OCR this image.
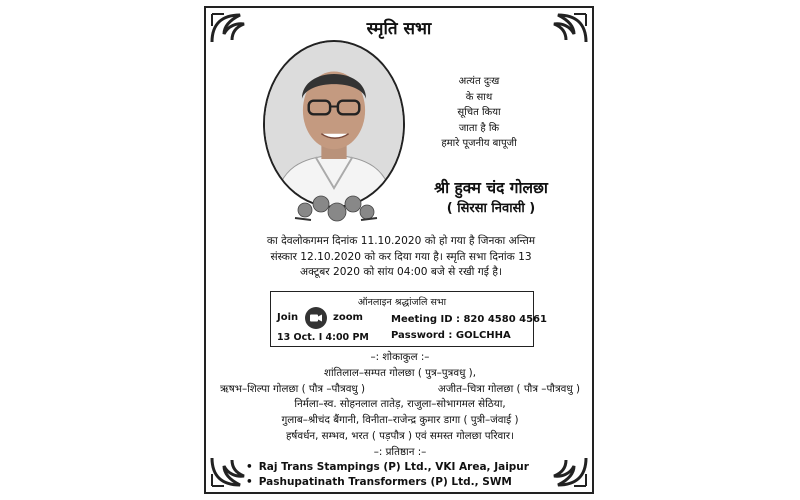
स्मृति सभा
अत्यंत दुःख
के साथ
सूचित किया
जाता है कि
हमारे पूजनीय बापूजी
श्री हुक्म चंद गोलछा
( सिरसा निवासी )
का देवलोकगमन दिनांक 11.10.2020 को हो गया है जिनका अन्तिम
संस्कार 12.10.2020 को कर दिया गया है। स्मृति सभा दिनांक 13
अक्टूबर 2020 को सांय 04:00 बजे से रखी गई है।
ऑनलाइन श्रद्धांजलि सभा
Join	zoom
13 Oct. I 4:00 PM
Meeting ID : 820 4580 4561
Password : GOLCHHA
–: शोकाकुल :–
शांतिलाल–सम्पत गोलछा ( पुत्र–पुत्रवधु ),
ऋषभ–शिल्पा गोलछा ( पौत्र –पौत्रवधु )	अजीत–चित्रा गोलछा ( पौत्र –पौत्रवधु )
निर्मला–स्व. सोहनलाल तातेड़, राजुला–सोभागमल सेठिया,
गुलाब–श्रीचंद बैंगानी, विनीता–राजेन्द्र कुमार डागा ( पुत्री–जंवाई )
हर्षवर्धन, सम्भव, भरत ( पड़पौत्र ) एवं समस्त गोलछा परिवार।
–: प्रतिष्ठान :–
• Raj Trans Stampings (P) Ltd., VKI Area, Jaipur
• Pashupatinath Transformers (P) Ltd., SWM
